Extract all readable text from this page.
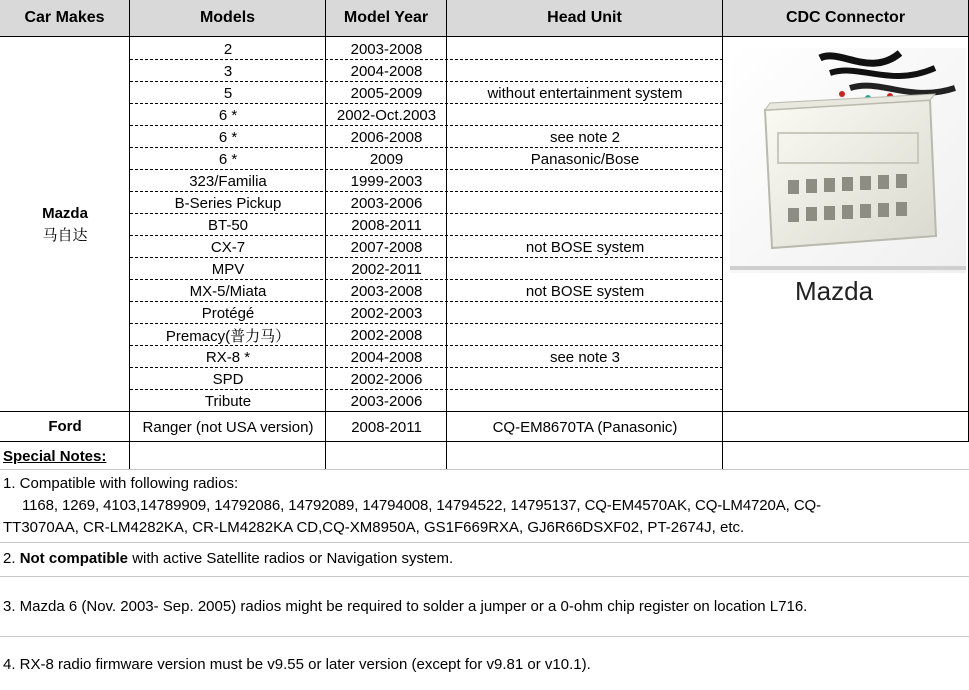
Car Makes	Models	Model Year	Head Unit	CDC Connector
Mazda
马自达
2	2003-2008
3	2004-2008
5	2005-2009	without entertainment system
6 *	2002-Oct.2003
6 *	2006-2008	see note 2
6 *	2009	Panasonic/Bose
323/Familia	1999-2003
B-Series Pickup	2003-2006
BT-50	2008-2011
CX-7	2007-2008	not BOSE system
MPV	2002-2011
MX-5/Miata	2003-2008	not BOSE system
Protégé	2002-2003
Premacy(普力马）	2002-2008
RX-8 *	2004-2008	see note 3
SPD	2002-2006
Tribute	2003-2006
Mazda
Ford	Ranger (not USA version)	2008-2011	CQ-EM8670TA (Panasonic)
Special Notes:
1. Compatible with following radios:
1168, 1269, 4103,14789909, 14792086, 14792089, 14794008, 14794522, 14795137, CQ-EM4570AK, CQ-LM4720A, CQ-
TT3070AA, CR-LM4282KA, CR-LM4282KA CD,CQ-XM8950A, GS1F669RXA, GJ6R66DSXF02, PT-2674J, etc.
2. Not compatible with active Satellite radios or Navigation system.
3. Mazda 6 (Nov. 2003- Sep. 2005) radios might be required to solder a jumper or a 0-ohm chip register on location L716.
4. RX-8 radio firmware version must be v9.55 or later version (except for v9.81 or v10.1).
